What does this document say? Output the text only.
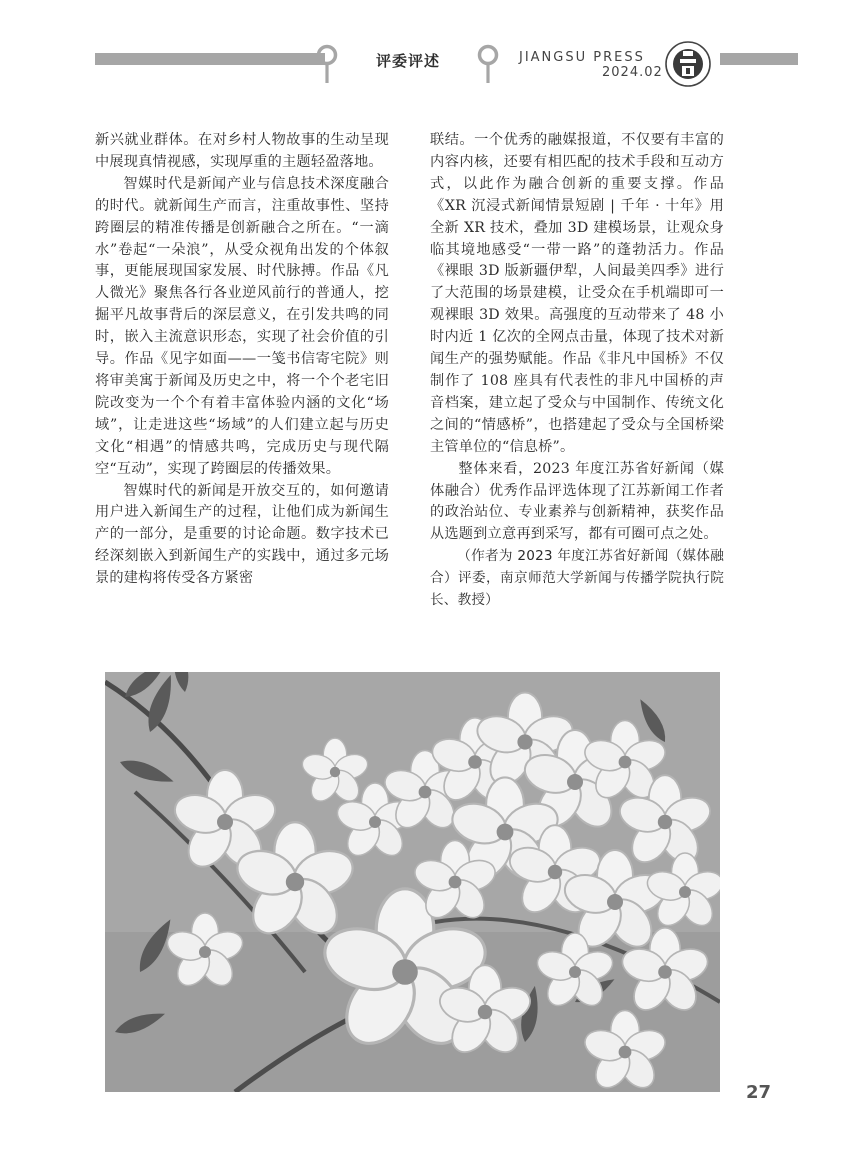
评委评述	JIANGSU PRESS
2024.02

新兴就业群体。在对乡村人物故事的生动呈现中展现真情视感，实现厚重的主题轻盈落地。

智媒时代是新闻产业与信息技术深度融合的时代。就新闻生产而言，注重故事性、坚持跨圈层的精准传播是创新融合之所在。“一滴水”卷起“一朵浪”，从受众视角出发的个体叙事，更能展现国家发展、时代脉搏。作品《凡人微光》聚焦各行各业逆风前行的普通人，挖掘平凡故事背后的深层意义，在引发共鸣的同时，嵌入主流意识形态，实现了社会价值的引导。作品《见字如面——一笺书信寄宅院》则将审美寓于新闻及历史之中，将一个个老宅旧院改变为一个个有着丰富体验内涵的文化“场域”，让走进这些“场域”的人们建立起与历史文化“相遇”的情感共鸣，完成历史与现代隔空“互动”，实现了跨圈层的传播效果。

智媒时代的新闻是开放交互的，如何邀请用户进入新闻生产的过程，让他们成为新闻生产的一部分，是重要的讨论命题。数字技术已经深刻嵌入到新闻生产的实践中，通过多元场景的建构将传受各方紧密

联结。一个优秀的融媒报道，不仅要有丰富的内容内核，还要有相匹配的技术手段和互动方式，以此作为融合创新的重要支撑。作品《XR 沉浸式新闻情景短剧 | 千年 · 十年》用全新 XR 技术，叠加 3D 建模场景，让观众身临其境地感受“一带一路”的蓬勃活力。作品《裸眼 3D 版新疆伊犁，人间最美四季》进行了大范围的场景建模，让受众在手机端即可一观裸眼 3D 效果。高强度的互动带来了 48 小时内近 1 亿次的全网点击量，体现了技术对新闻生产的强势赋能。作品《非凡中国桥》不仅制作了 108 座具有代表性的非凡中国桥的声音档案，建立起了受众与中国制作、传统文化之间的“情感桥”，也搭建起了受众与全国桥梁主管单位的“信息桥”。

整体来看，2023 年度江苏省好新闻（媒体融合）优秀作品评选体现了江苏新闻工作者的政治站位、专业素养与创新精神，获奖作品从选题到立意再到采写，都有可圈可点之处。

（作者为 2023 年度江苏省好新闻（媒体融合）评委，南京师范大学新闻与传播学院执行院长、教授）

27
